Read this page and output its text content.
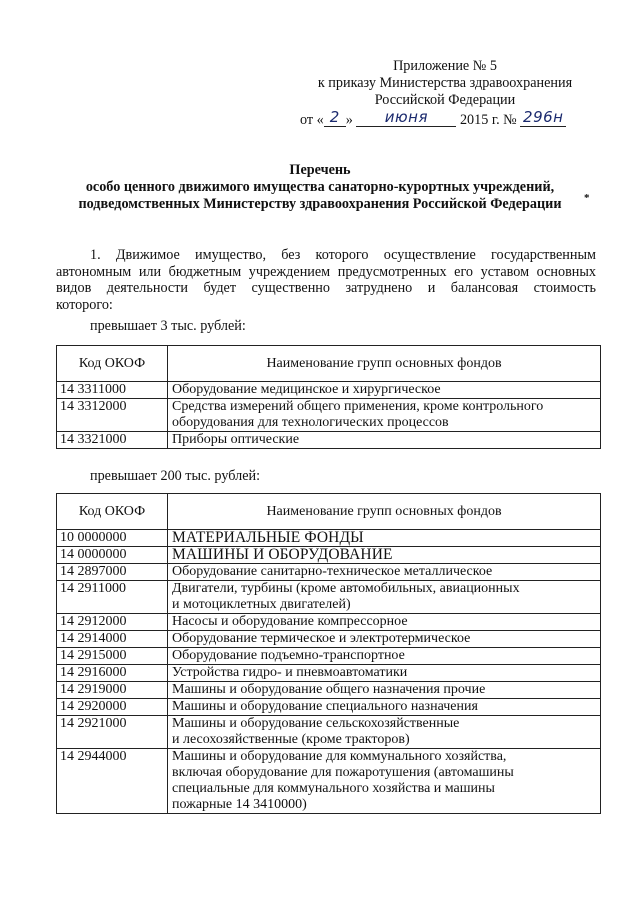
Приложение № 5
к приказу Министерства здравоохранения
Российской Федерации
от « 2 » июня 2015 г. № 296н
Перечень
особо ценного движимого имущества санаторно-курортных учреждений,
подведомственных Министерству здравоохранения Российской Федерации	*
1. Движимое имущество, без которого осуществление государственным
автономным или бюджетным учреждением предусмотренных его уставом основных
видов деятельности будет существенно затруднено и балансовая стоимость
которого:
превышает 3 тыс. рублей:
Код ОКОФ	Наименование групп основных фондов
14 3311000	Оборудование медицинское и хирургическое
14 3312000	Средства измерений общего применения, кроме контрольного
оборудования для технологических процессов

14 3321000	Приборы оптические
превышает 200 тыс. рублей:
Код ОКОФ	Наименование групп основных фондов
10 0000000	МАТЕРИАЛЬНЫЕ ФОНДЫ
14 0000000	МАШИНЫ И ОБОРУДОВАНИЕ
14 2897000	Оборудование санитарно-техническое металлическое
14 2911000	Двигатели, турбины (кроме автомобильных, авиационных
и мотоциклетных двигателей)

14 2912000	Насосы и оборудование компрессорное
14 2914000	Оборудование термическое и электротермическое
14 2915000	Оборудование подъемно-транспортное
14 2916000	Устройства гидро- и пневмоавтоматики
14 2919000	Машины и оборудование общего назначения прочие
14 2920000	Машины и оборудование специального назначения
14 2921000	Машины и оборудование сельскохозяйственные
и лесохозяйственные (кроме тракторов)

14 2944000	Машины и оборудование для коммунального хозяйства,
включая оборудование для пожаротушения (автомашины
специальные для коммунального хозяйства и машины
пожарные 14 3410000)
